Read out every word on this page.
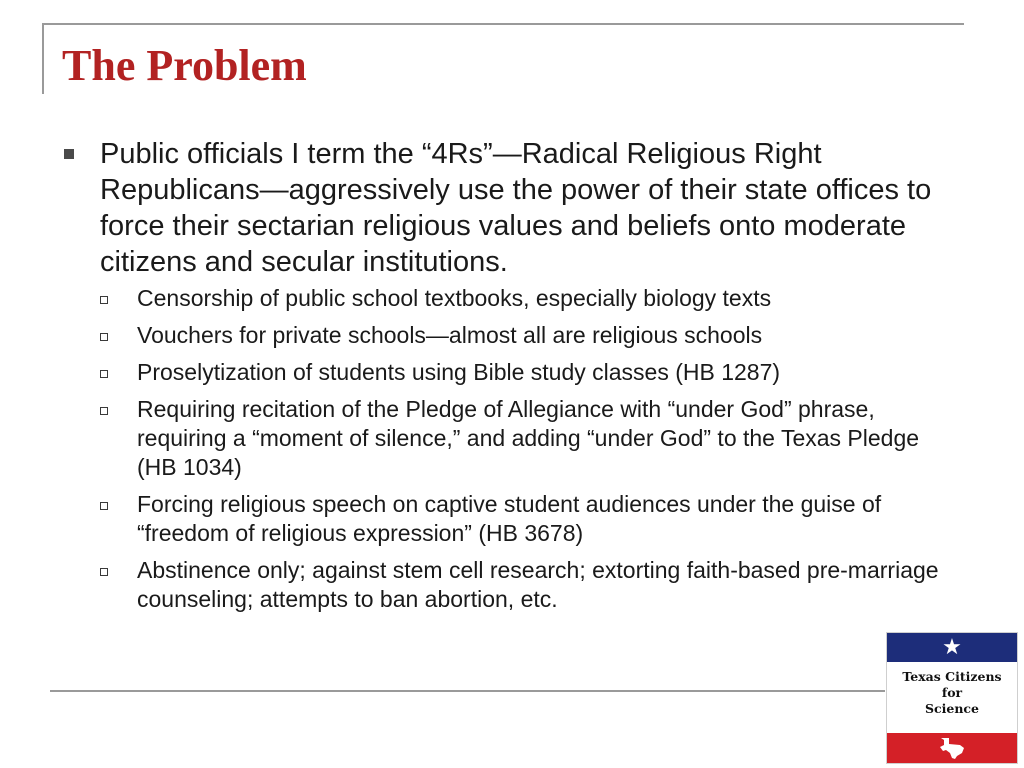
The Problem
Public officials I term the “4Rs”—Radical Religious Right Republicans—aggressively use the power of their state offices to force their sectarian religious values and beliefs onto moderate citizens and secular institutions.
Censorship of public school textbooks, especially biology texts
Vouchers for private schools—almost all are religious schools
Proselytization of students using Bible study classes (HB 1287)
Requiring recitation of the Pledge of Allegiance with “under God” phrase, requiring a “moment of silence,” and adding “under God” to the Texas Pledge (HB 1034)
Forcing religious speech on captive student audiences under the guise of “freedom of religious expression” (HB 3678)
Abstinence only; against stem cell research; extorting faith-based pre-marriage counseling; attempts to ban abortion, etc.
★
Texas Citizens
for
Science
